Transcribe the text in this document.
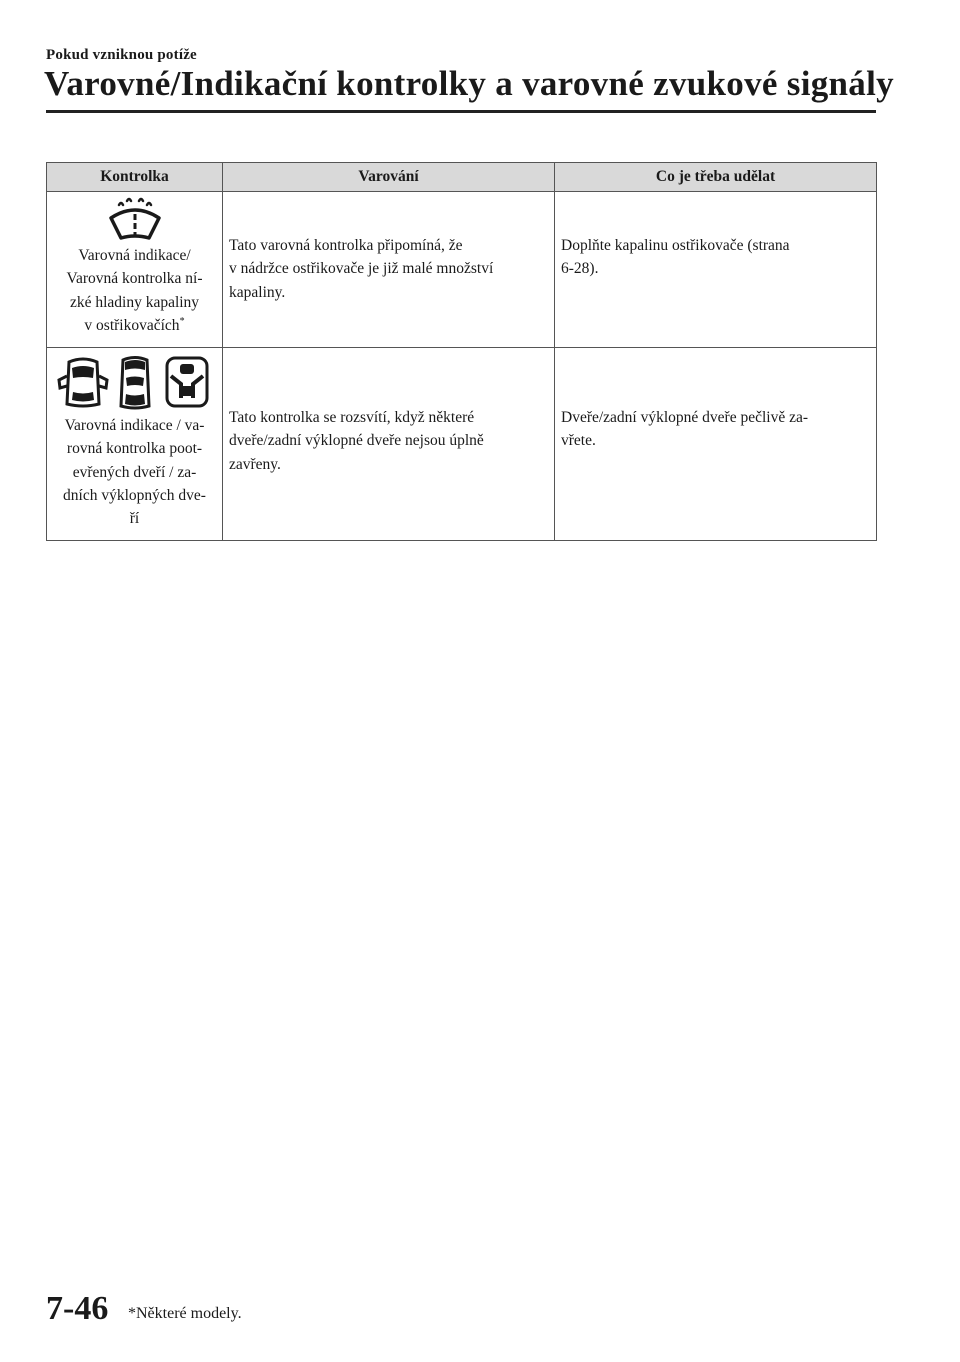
Pokud vzniknou potíže
Varovné/Indikační kontrolky a varovné zvukové signály
Kontrolka	Varování	Co je třeba udělat

Varovná indikace/
Varovná kontrolka ní-
zké hladiny kapaliny
v ostřikovačích*	Tato varovná kontrolka připomíná, že
v nádržce ostřikovače je již malé množství
kapaliny.	Doplňte kapalinu ostřikovače (strana
6-28).

Varovná indikace / va-
rovná kontrolka poot-
evřených dveří / za-
dních výklopných dve-
ří	Tato kontrolka se rozsvítí, když některé
dveře/zadní výklopné dveře nejsou úplně
zavřeny.	Dveře/zadní výklopné dveře pečlivě za-
vřete.
7-46 *Některé modely.
